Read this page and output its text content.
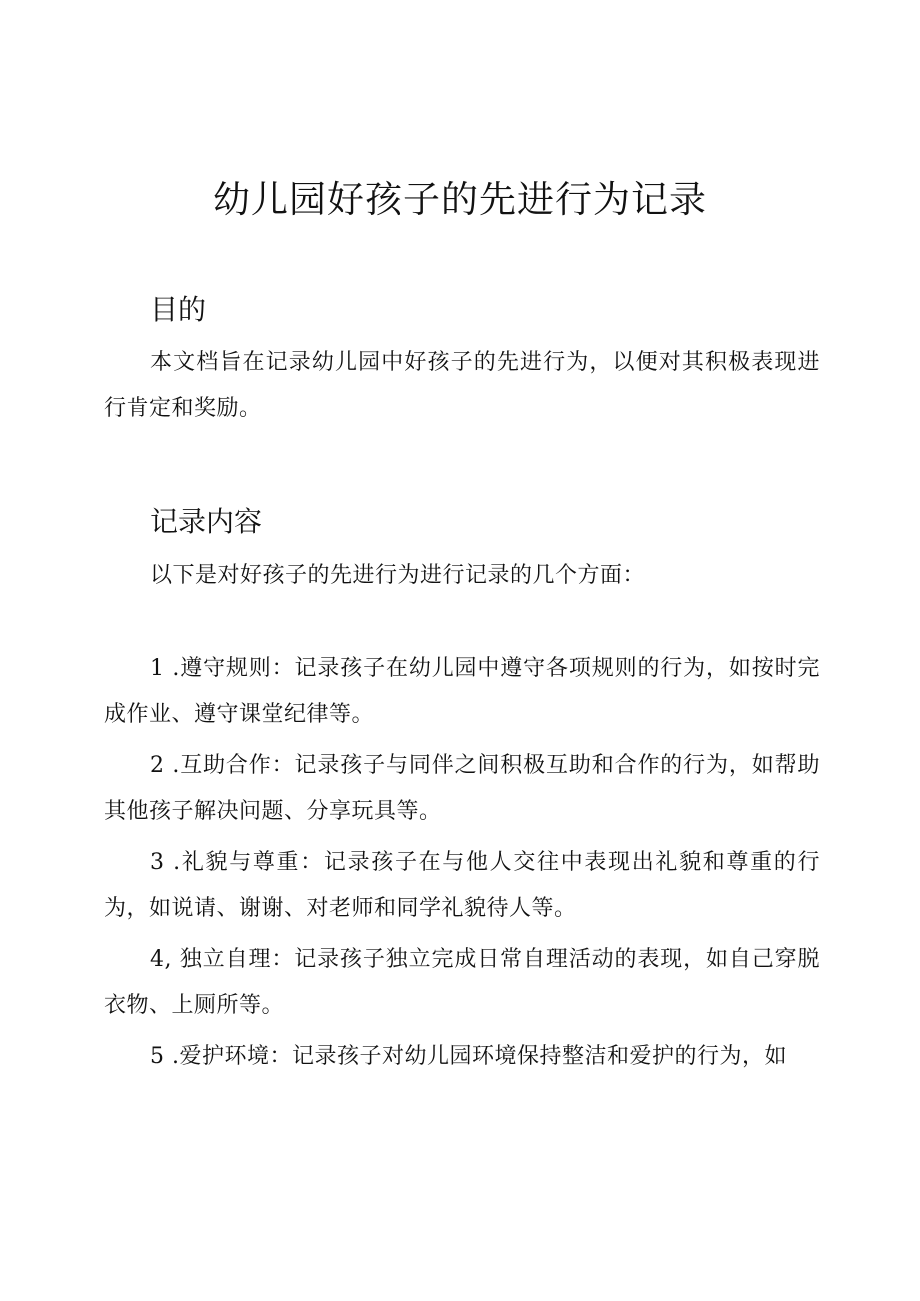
幼儿园好孩子的先进行为记录
目的

本文档旨在记录幼儿园中好孩子的先进行为，以便对其积极表现进行肯定和奖励。

记录内容

以下是对好孩子的先进行为进行记录的几个方面：

1 .遵守规则：记录孩子在幼儿园中遵守各项规则的行为，如按时完成作业、遵守课堂纪律等。

2 .互助合作：记录孩子与同伴之间积极互助和合作的行为，如帮助其他孩子解决问题、分享玩具等。

3 .礼貌与尊重：记录孩子在与他人交往中表现出礼貌和尊重的行为，如说请、谢谢、对老师和同学礼貌待人等。

4, 独立自理：记录孩子独立完成日常自理活动的表现，如自己穿脱衣物、上厕所等。

5 .爱护环境：记录孩子对幼儿园环境保持整洁和爱护的行为，如
